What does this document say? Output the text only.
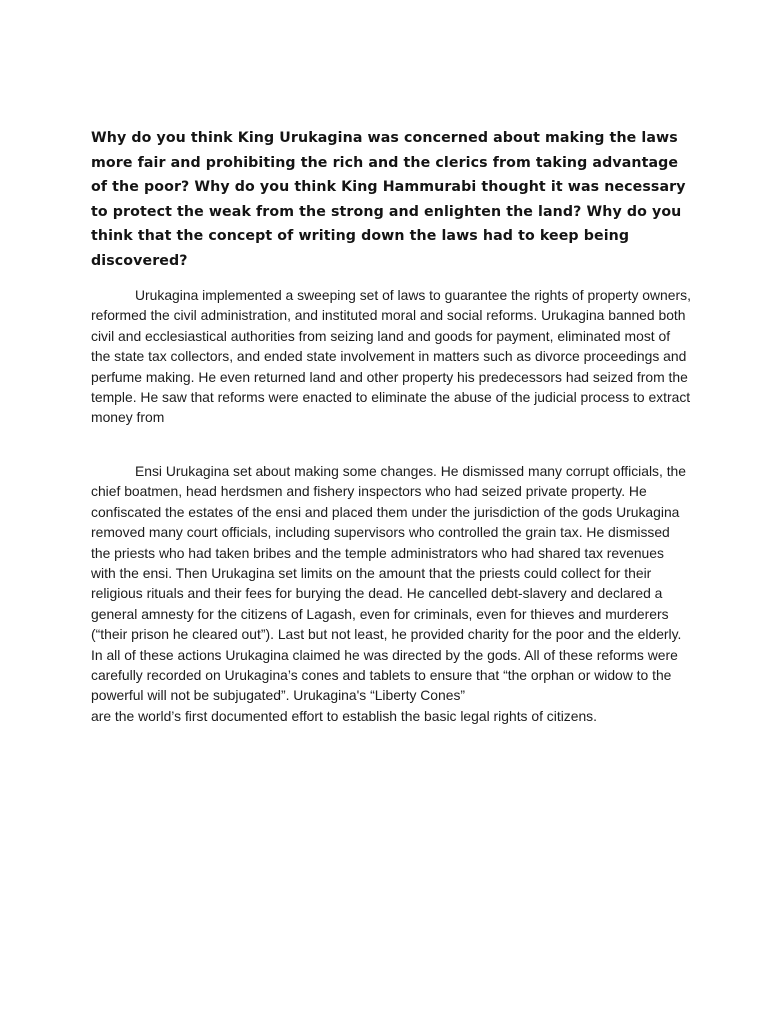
Why do you think King Urukagina was concerned about making the laws more fair and prohibiting the rich and the clerics from taking advantage of the poor? Why do you think King Hammurabi thought it was necessary to protect the weak from the strong and enlighten the land? Why do you think that the concept of writing down the laws had to keep being discovered?

Urukagina implemented a sweeping set of laws to guarantee the rights of property owners, reformed the civil administration, and instituted moral and social reforms. Urukagina banned both civil and ecclesiastical authorities from seizing land and goods for payment, eliminated most of the state tax collectors, and ended state involvement in matters such as divorce proceedings and perfume making. He even returned land and other property his predecessors had seized from the temple. He saw that reforms were enacted to eliminate the abuse of the judicial process to extract money from

Ensi Urukagina set about making some changes. He dismissed many corrupt officials, the chief boatmen, head herdsmen and fishery inspectors who had seized private property. He confiscated the estates of the ensi and placed them under the jurisdiction of the gods Urukagina removed many court officials, including supervisors who controlled the grain tax. He dismissed the priests who had taken bribes and the temple administrators who had shared tax revenues with the ensi. Then Urukagina set limits on the amount that the priests could collect for their religious rituals and their fees for burying the dead. He cancelled debt-slavery and declared a general amnesty for the citizens of Lagash, even for criminals, even for thieves and murderers (“their prison he cleared out”). Last but not least, he provided charity for the poor and the elderly. In all of these actions Urukagina claimed he was directed by the gods. All of these reforms were carefully recorded on Urukagina’s cones and tablets to ensure that “the orphan or widow to the powerful will not be subjugated”. Urukagina's “Liberty Cones”
are the world’s first documented effort to establish the basic legal rights of citizens.
